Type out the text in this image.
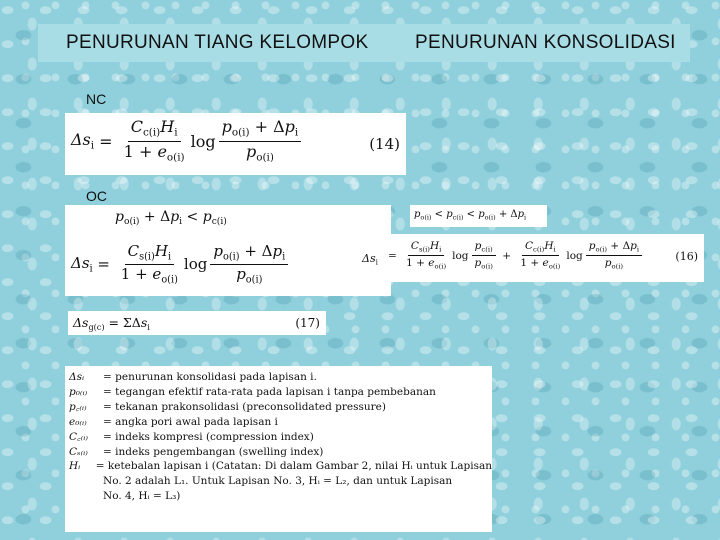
PENURUNAN TIANG KELOMPOK PENURUNAN KONSOLIDASI
NC
$\Delta s_i = \frac{C_{c(i)}H_i}{1 + e_{o(i)}}$ $\log \frac{p_{o(i)} + \Delta p_i}{p_{o(i)}}$	(14)
OC
$p_{o(i)} + \Delta p_i < p_{c(i)}$
$\Delta s_i = \frac{C_{s(i)}H_i}{1 + e_{o(i)}}$ $\log \frac{p_{o(i)} + \Delta p_i}{p_{o(i)}}$
$\Delta s_{g(c)} = \Sigma\Delta s_i$	(17)
$p_{o(i)} < p_{c(i)} < p_{o(i)} + \Delta p_i$
$\Delta s_i$
= $\frac{C_{s(i)}H_i}{1 + e_{o(i)}}$ $\log \frac{p_{c(i)}}{p_{o(i)}} + \frac{C_{c(i)}H_i}{1 + e_{o(i)}}$ $\log \frac{p_{o(i)} + \Delta p_i}{p_{o(i)}}$	(16)
Δsᵢ	= penurunan konsolidasi pada lapisan i.
p₀₍ᵢ₎	= tegangan efektif rata-rata pada lapisan i tanpa pembebanan
p꜀₍ᵢ₎	= tekanan prakonsolidasi (preconsolidated pressure)
e₀₍ᵢ₎	= angka pori awal pada lapisan i
C꜀₍ᵢ₎	= indeks kompresi (compression index)
Cₛ₍ᵢ₎	= indeks pengembangan (swelling index)
Hᵢ	= ketebalan lapisan i (Catatan: Di dalam Gambar 2, nilai Hᵢ untuk Lapisan
No. 2 adalah L₁. Untuk Lapisan No. 3, Hᵢ = L₂, dan untuk Lapisan
No. 4, Hᵢ = L₃)
